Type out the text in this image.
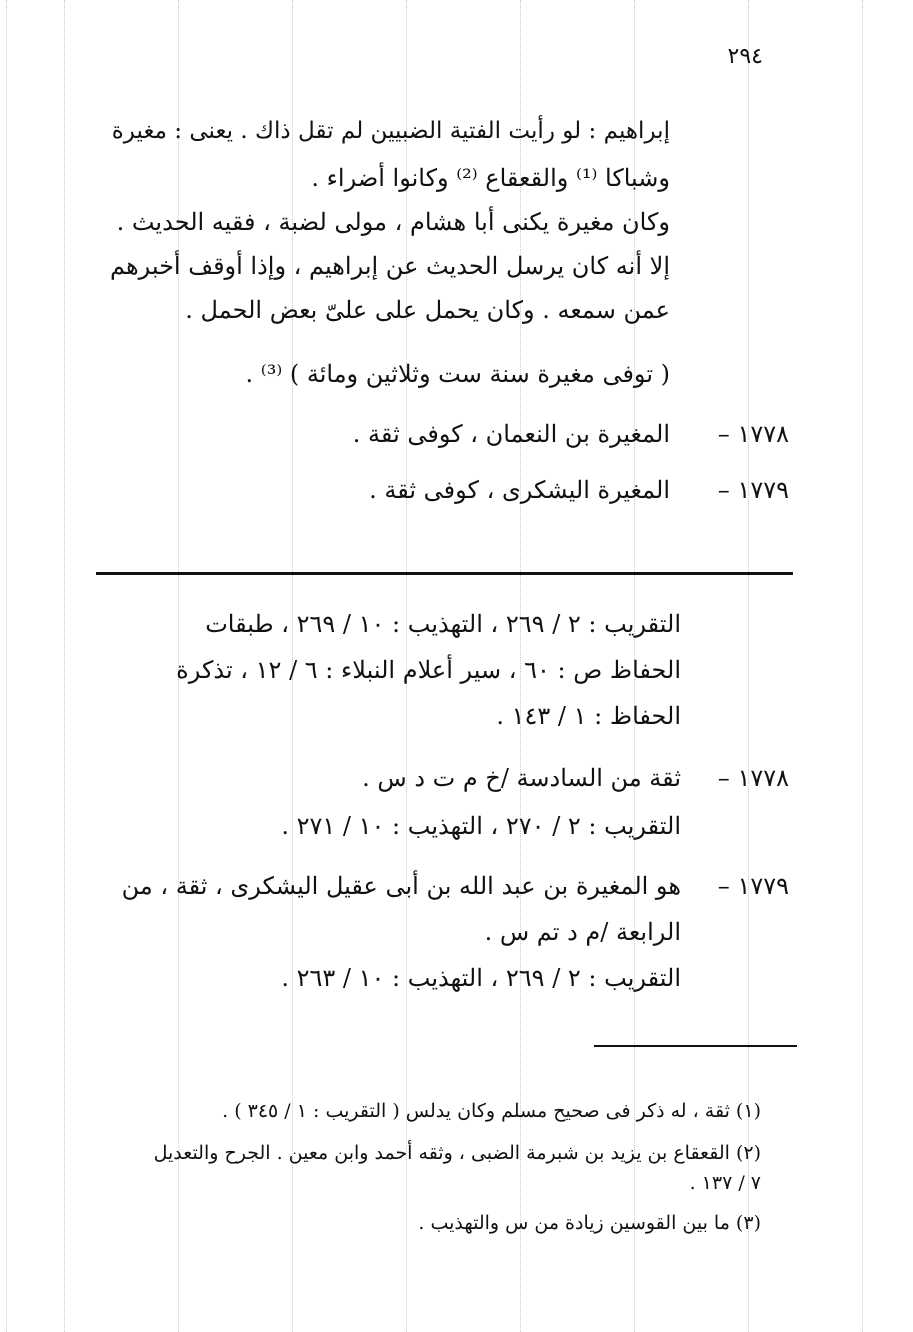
٢٩٤
إبراهيم : لو رأيت الفتية الضبيين لم تقل ذاك . يعنى : مغيرة
وشباكا ⁽¹⁾ والقعقاع ⁽²⁾ وكانوا أضراء .
وكان مغيرة يكنى أبا هشام ، مولى لضبة ، فقيه الحديث .
إلا أنه كان يرسل الحديث عن إبراهيم ، وإذا أوقف أخبرهم
عمن سمعه . وكان يحمل على علىّ بعض الحمل .
( توفى مغيرة سنة ست وثلاثين ومائة ) ⁽³⁾ .
١٧٧٨ –
المغيرة بن النعمان ، كوفى ثقة .
١٧٧٩ –
المغيرة اليشكرى ، كوفى ثقة .
التقريب : ٢ / ٢٦٩ ، التهذيب : ١٠ / ٢٦٩ ، طبقات
الحفاظ ص : ٦٠ ، سير أعلام النبلاء : ٦ / ١٢ ، تذكرة
الحفاظ : ١ / ١٤٣ .
١٧٧٨ –
ثقة من السادسة /خ م ت د س .
التقريب : ٢ / ٢٧٠ ، التهذيب : ١٠ / ٢٧١ .
١٧٧٩ –
هو المغيرة بن عبد الله بن أبى عقيل اليشكرى ، ثقة ، من
الرابعة /م د تم س .
التقريب : ٢ / ٢٦٩ ، التهذيب : ١٠ / ٢٦٣ .
(١) ثقة ، له ذكر فى صحيح مسلم وكان يدلس ( التقريب : ١ / ٣٤٥ ) .
(٢) القعقاع بن يزيد بن شبرمة الضبى ، وثقه أحمد وابن معين . الجرح والتعديل
٧ / ١٣٧ .
(٣) ما بين القوسين زيادة من س والتهذيب .
